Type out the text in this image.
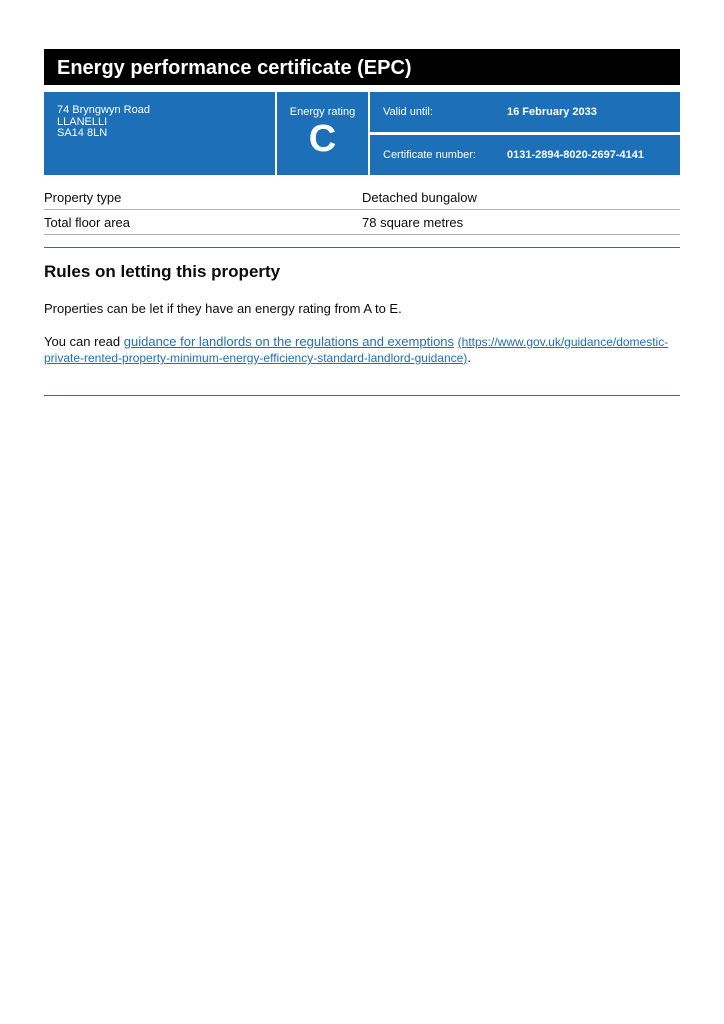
Energy performance certificate (EPC)
74 Bryngwyn Road
LLANELLI
SA14 8LN
Energy rating
C
Valid until:	16 February 2033
Certificate number:	0131-2894-8020-2697-4141
Property type	Detached bungalow
Total floor area	78 square metres
Rules on letting this property

Properties can be let if they have an energy rating from A to E.

You can read guidance for landlords on the regulations and exemptions (https://www.gov.uk/guidance/domestic-
private-rented-property-minimum-energy-efficiency-standard-landlord-guidance).
